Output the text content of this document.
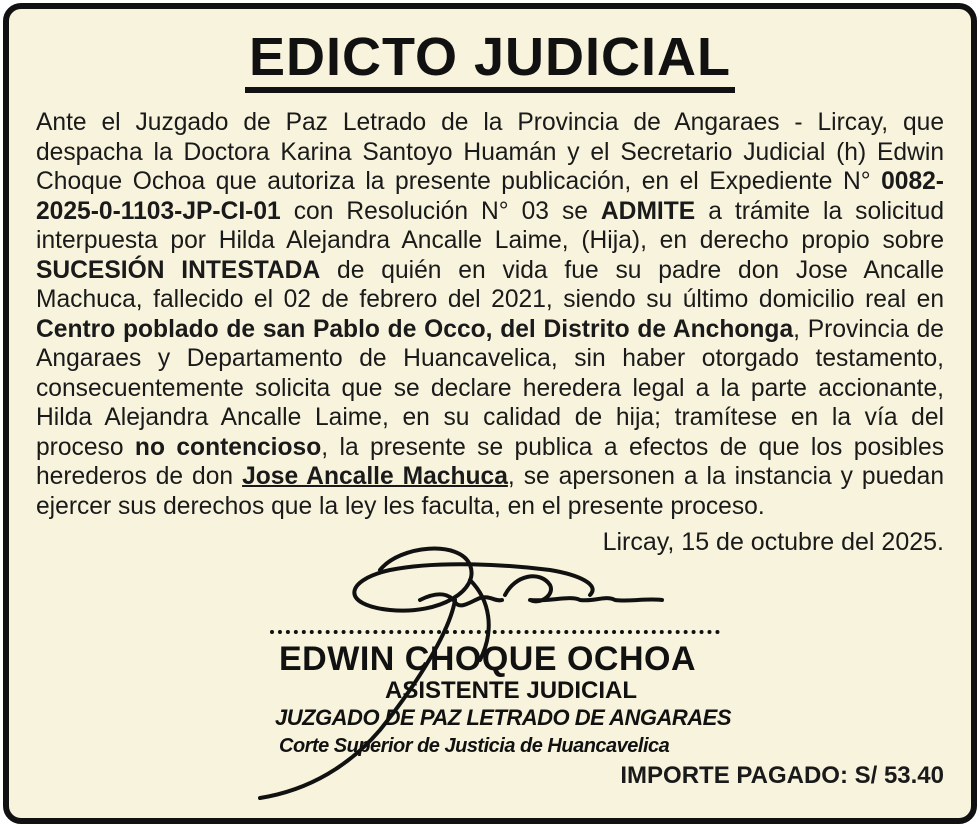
EDICTO JUDICIAL
Ante el Juzgado de Paz Letrado de la Provincia de Angaraes - Lircay, que despacha la Doctora Karina Santoyo Huamán y el Secretario Judicial (h) Edwin Choque Ochoa que autoriza la presente publicación, en el Expediente N° 0082-2025-0-1103-JP-CI-01 con Resolución N° 03 se ADMITE a trámite la solicitud interpuesta por Hilda Alejandra Ancalle Laime, (Hija), en derecho propio sobre SUCESIÓN INTESTADA de quién en vida fue su padre don Jose Ancalle Machuca, fallecido el 02 de febrero del 2021, siendo su último domicilio real en Centro poblado de san Pablo de Occo, del Distrito de Anchonga, Provincia de Angaraes y Departamento de Huancavelica, sin haber otorgado testamento, consecuentemente solicita que se declare heredera legal a la parte accionante, Hilda Alejandra Ancalle Laime, en su calidad de hija; tramítese en la vía del proceso no contencioso, la presente se publica a efectos de que los posibles herederos de don Jose Ancalle Machuca, se apersonen a la instancia y puedan ejercer sus derechos que la ley les faculta, en el presente proceso.
Lircay, 15 de octubre del 2025.
EDWIN CHOQUE OCHOA
ASISTENTE JUDICIAL
JUZGADO DE PAZ LETRADO DE ANGARAES
Corte Superior de Justicia de Huancavelica
IMPORTE PAGADO: S/ 53.40
